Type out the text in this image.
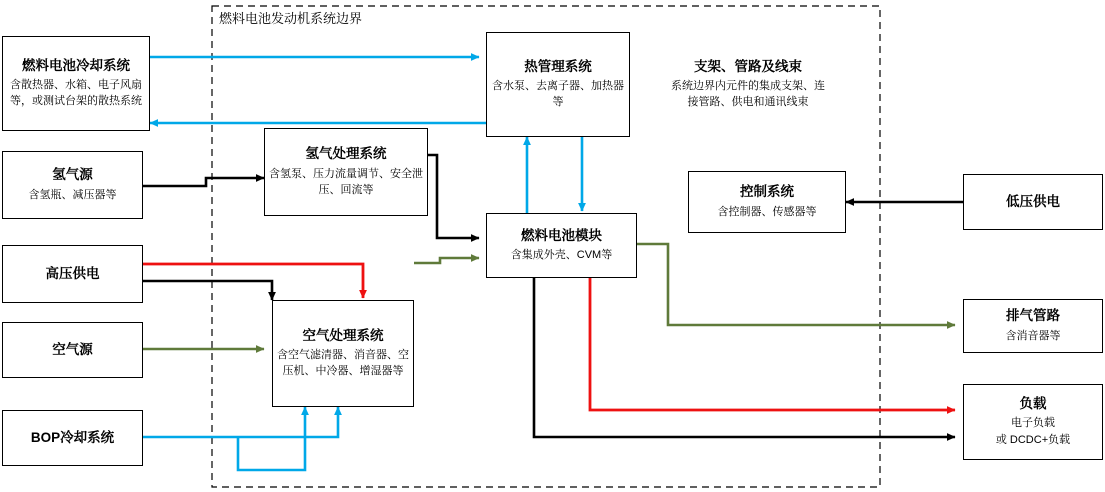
燃料电池发动机系统边界
燃料电池冷却系统
含散热器、水箱、电子风扇等，或测试台架的散热系统
氢气源
含氢瓶、减压器等
高压供电
空气源
BOP冷却系统
氢气处理系统
含氢泵、压力流量调节、安全泄压、回流等
空气处理系统
含空气滤清器、消音器、空压机、中冷器、增湿器等
热管理系统
含水泵、去离子器、加热器等
燃料电池模块
含集成外壳、CVM等
支架、管路及线束
系统边界内元件的集成支架、连接管路、供电和通讯线束
控制系统
含控制器、传感器等
低压供电
排气管路
含消音器等
负载
电子负载
或 DCDC+负载
